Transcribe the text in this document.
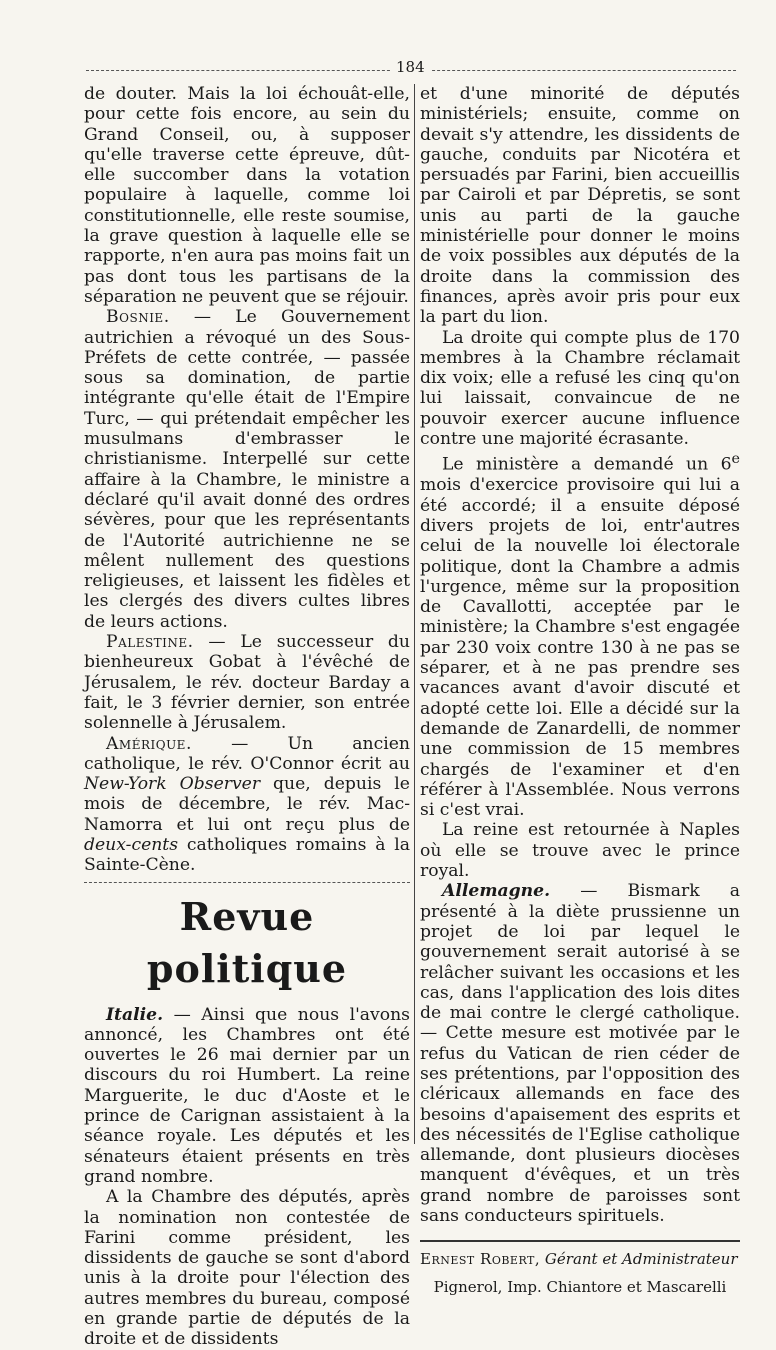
184

de douter. Mais la loi échouât-elle, pour cette fois encore, au sein du Grand Conseil, ou, à supposer qu'elle traverse cette épreuve, dût-elle succomber dans la votation populaire à laquelle, comme loi constitutionnelle, elle reste soumise, la grave question à laquelle elle se rapporte, n'en aura pas moins fait un pas dont tous les partisans de la séparation ne peuvent que se réjouir.

Bosnie. — Le Gouvernement autrichien a révoqué un des Sous-Préfets de cette contrée, — passée sous sa domination, de partie intégrante qu'elle était de l'Empire Turc, — qui prétendait empêcher les musulmans d'embrasser le christianisme. Interpellé sur cette affaire à la Chambre, le ministre a déclaré qu'il avait donné des ordres sévères, pour que les représentants de l'Autorité autrichienne ne se mêlent nullement des questions religieuses, et laissent les fidèles et les clergés des divers cultes libres de leurs actions.

Palestine. — Le successeur du bienheureux Gobat à l'évêché de Jérusalem, le rév. docteur Barday a fait, le 3 février dernier, son entrée solennelle à Jérusalem.

Amérique. — Un ancien catholique, le rév. O'Connor écrit au New-York Observer que, depuis le mois de décembre, le rév. Mac-Namorra et lui ont reçu plus de deux-cents catholiques romains à la Sainte-Cène.

Revue politique

Italie. — Ainsi que nous l'avons annoncé, les Chambres ont été ouvertes le 26 mai dernier par un discours du roi Humbert. La reine Marguerite, le duc d'Aoste et le prince de Carignan assistaient à la séance royale. Les députés et les sénateurs étaient présents en très grand nombre.

A la Chambre des députés, après la nomination non contestée de Farini comme président, les dissidents de gauche se sont d'abord unis à la droite pour l'élection des autres membres du bureau, composé en grande partie de députés de la droite et de dissidents

et d'une minorité de députés ministériels; ensuite, comme on devait s'y attendre, les dissidents de gauche, conduits par Nicotéra et persuadés par Farini, bien accueillis par Cairoli et par Dépretis, se sont unis au parti de la gauche ministérielle pour donner le moins de voix possibles aux députés de la droite dans la commission des finances, après avoir pris pour eux la part du lion.

La droite qui compte plus de 170 membres à la Chambre réclamait dix voix; elle a refusé les cinq qu'on lui laissait, convaincue de ne pouvoir exercer aucune influence contre une majorité écrasante.

Le ministère a demandé un 6e mois d'exercice provisoire qui lui a été accordé; il a ensuite déposé divers projets de loi, entr'autres celui de la nouvelle loi électorale politique, dont la Chambre a admis l'urgence, même sur la proposition de Cavallotti, acceptée par le ministère; la Chambre s'est engagée par 230 voix contre 130 à ne pas se séparer, et à ne pas prendre ses vacances avant d'avoir discuté et adopté cette loi. Elle a décidé sur la demande de Zanardelli, de nommer une commission de 15 membres chargés de l'examiner et d'en référer à l'Assemblée. Nous verrons si c'est vrai.

La reine est retournée à Naples où elle se trouve avec le prince royal.

Allemagne. — Bismark a présenté à la diète prussienne un projet de loi par lequel le gouvernement serait autorisé à se relâcher suivant les occasions et les cas, dans l'application des lois dites de mai contre le clergé catholique. — Cette mesure est motivée par le refus du Vatican de rien céder de ses prétentions, par l'opposition des cléricaux allemands en face des besoins d'apaisement des esprits et des nécessités de l'Eglise catholique allemande, dont plusieurs diocèses manquent d'évêques, et un très grand nombre de paroisses sont sans conducteurs spirituels.

Ernest Robert, Gérant et Administrateur

Pignerol, Imp. Chiantore et Mascarelli
